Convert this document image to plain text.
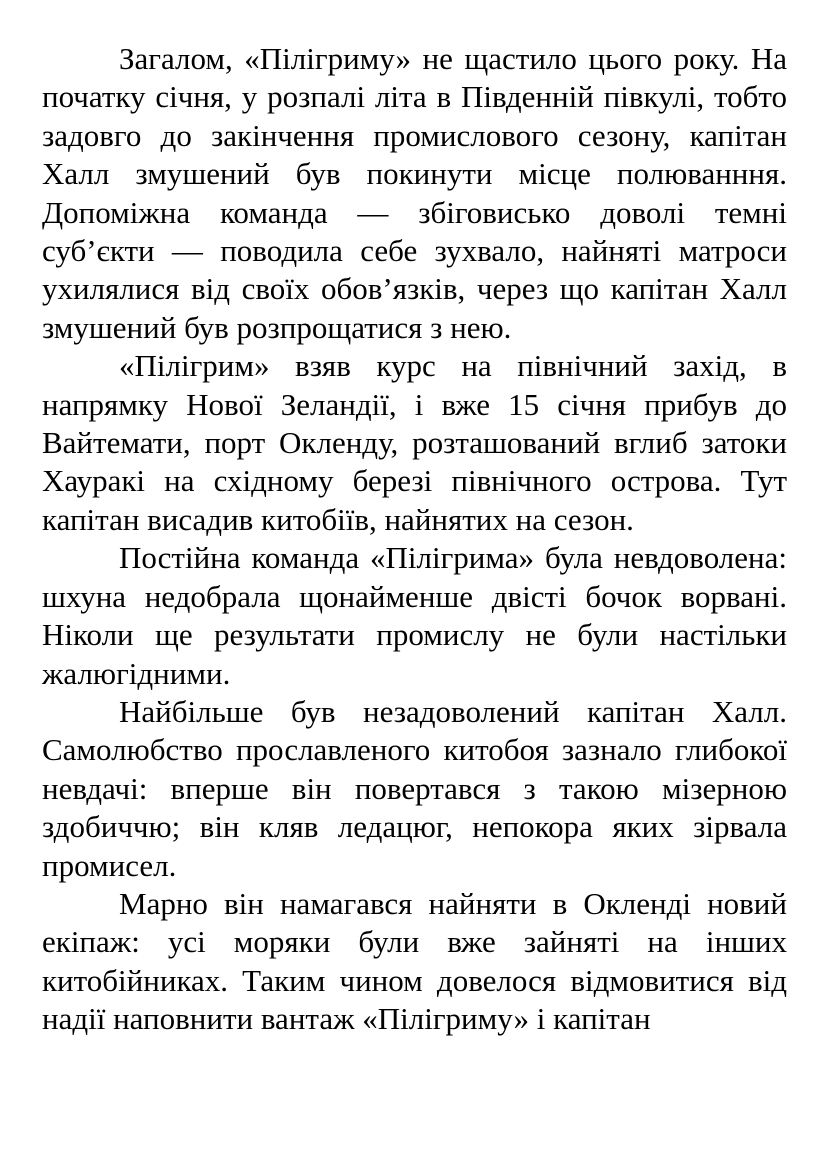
Загалом, «Пілігриму» не щастило цього року. На початку січня, у розпалі літа в Південній півкулі, тобто задовго до закінчення промислового сезону, капітан Халл змушений був покинути місце полюванння. Допоміжна команда — збіговисько доволі темні суб’єкти — поводила себе зухвало, найняті матроси ухилялися від своїх обов’язків, через що капітан Халл змушений був розпрощатися з нею.

«Пілігрим» взяв курс на північний захід, в напрямку Нової Зеландії, і вже 15 січня прибув до Вайтемати, порт Окленду, розташований вглиб затоки Хауракі на східному березі північного острова. Тут капітан висадив китобіїв, найнятих на сезон.

Постійна команда «Пілігрима» була невдоволена: шхуна недобрала щонайменше двісті бочок ворвані. Ніколи ще результати промислу не були настільки жалюгідними.

Найбільше був незадоволений капітан Халл. Самолюбство прославленого китобоя зазнало глибокої невдачі: вперше він повертався з такою мізерною здобиччю; він кляв ледацюг, непокора яких зірвала промисел.

Марно він намагався найняти в Окленді новий екіпаж: усі моряки були вже зайняті на інших китобійниках. Таким чином довелося відмовитися від надії наповнити вантаж «Пілігриму» і капітан
